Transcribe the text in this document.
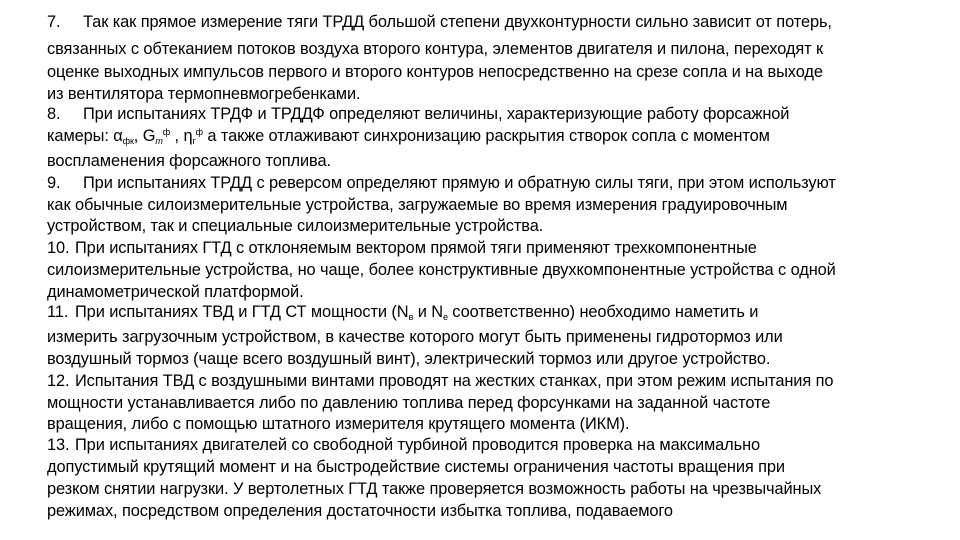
7. Так как прямое измерение тяги ТРДД большой степени двухконтурности сильно зависит от потерь,
связанных с обтеканием потоков воздуха второго контура, элементов двигателя и пилона, переходят к
оценке выходных импульсов первого и второго контуров непосредственно на срезе сопла и на выходе
из вентилятора термопневмогребенками.
8. При испытаниях ТРДФ и ТРДДФ определяют величины, характеризующие работу форсажной
камеры: $\alpha_{фк}$, $G_т^ф$ , $\eta_г^ф$ а также отлаживают синхронизацию раскрытия створок сопла с моментом
воспламенения форсажного топлива.
9. При испытаниях ТРДД с реверсом определяют прямую и обратную силы тяги, при этом используют
как обычные силоизмерительные устройства, загружаемые во время измерения градуировочным
устройством, так и специальные силоизмерительные устройства.
10. При испытаниях ГТД с отклоняемым вектором прямой тяги применяют трехкомпонентные
силоизмерительные устройства, но чаще, более конструктивные двухкомпонентные устройства с одной
динамометрической платформой.
11. При испытаниях ТВД и ГТД СТ мощности ($N_в$ и $N_е$ соответственно) необходимо наметить и
измерить загрузочным устройством, в качестве которого могут быть применены гидротормоз или
воздушный тормоз (чаще всего воздушный винт), электрический тормоз или другое устройство.
12. Испытания ТВД с воздушными винтами проводят на жестких станках, при этом режим испытания по
мощности устанавливается либо по давлению топлива перед форсунками на заданной частоте
вращения, либо с помощью штатного измерителя крутящего момента (ИКМ).
13. При испытаниях двигателей со свободной турбиной проводится проверка на максимально
допустимый крутящий момент и на быстродействие системы ограничения частоты вращения при
резком снятии нагрузки. У вертолетных ГТД также проверяется возможность работы на чрезвычайных
режимах, посредством определения достаточности избытка топлива, подаваемого
